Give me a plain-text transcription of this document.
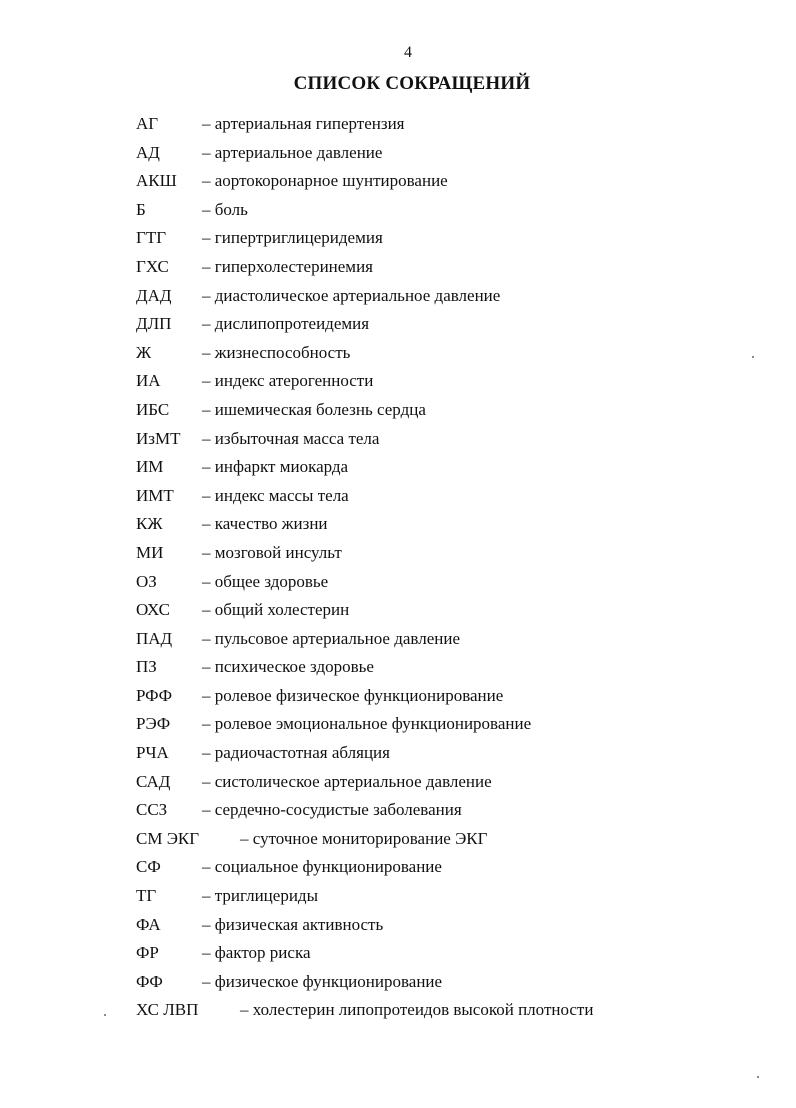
4
СПИСОК СОКРАЩЕНИЙ
АГ	– артериальная гипертензия
АД – артериальное давление
АКШ – аортокоронарное шунтирование
Б	– боль
ГТГ – гипертриглицеридемия
ГХС – гиперхолестеринемия
ДАД – диастолическое артериальное давление
ДЛП – дислипопротеидемия
Ж	– жизнеспособность
ИА – индекс атерогенности
ИБС – ишемическая болезнь сердца
ИзМТ – избыточная масса тела
ИМ – инфаркт миокарда
ИМТ – индекс массы тела
КЖ – качество жизни
МИ – мозговой инсульт
ОЗ	– общее здоровье
ОХС – общий холестерин
ПАД – пульсовое артериальное давление
ПЗ	– психическое здоровье
РФФ – ролевое физическое функционирование
РЭФ – ролевое эмоциональное функционирование
РЧА – радиочастотная абляция
САД – систолическое артериальное давление
ССЗ – сердечно-сосудистые заболевания
СМ ЭКГ – суточное мониторирование ЭКГ
СФ – социальное функционирование
ТГ	– триглицериды
ФА – физическая активность
ФР	– фактор риска
ФФ – физическое функционирование
ХС ЛВП – холестерин липопротеидов высокой плотности
